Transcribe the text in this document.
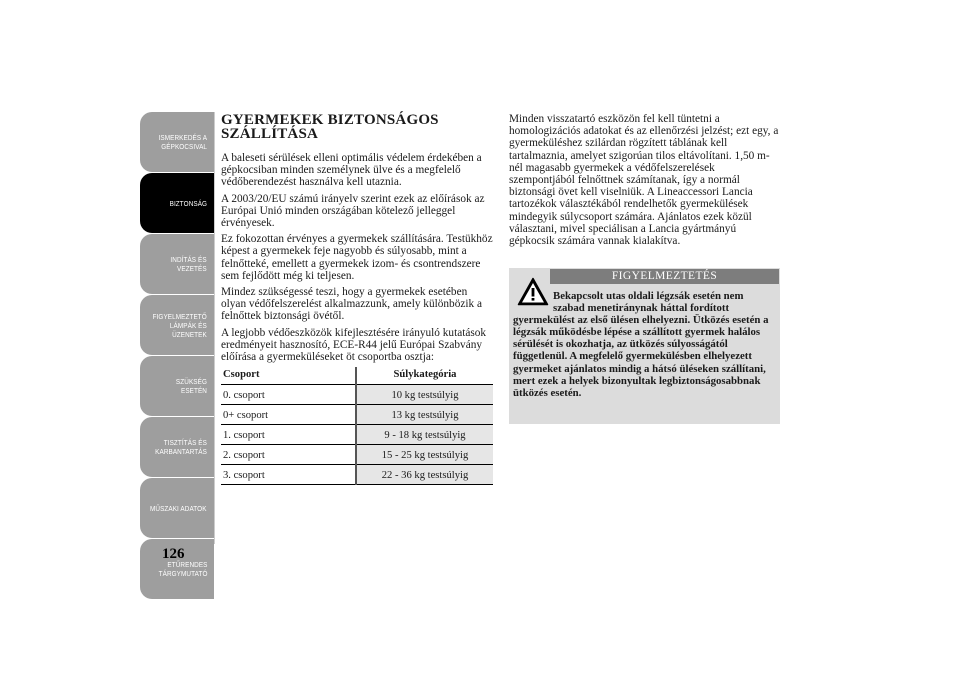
ISMERKEDÉS A
GÉPKOCSIVAL
BIZTONSÁG
INDÍTÁS ÉS
VEZETÉS
FIGYELMEZTETŐ
LÁMPÁK ÉS
ÜZENETEK
SZÜKSÉG ESETÉN
TISZTÍTÁS ÉS
KARBANTARTÁS
MŰSZAKI ADATOK
ETŰRENDES
TÁRGYMUTATÓ
126
GYERMEKEK BIZTONSÁGOS SZÁLLÍTÁSA

A baleseti sérülések elleni optimális védelem érdekében a gépkocsiban minden személynek ülve és a megfelelő védőberendezést használva kell utaznia.

A 2003/20/EU számú irányelv szerint ezek az előírások az Európai Unió minden országában kötelező jelleggel érvényesek.

Ez fokozottan érvényes a gyermekek szállítására. Testükhöz képest a gyermekek feje nagyobb és súlyosabb, mint a felnőtteké, emellett a gyermekek izom- és csontrendszere sem fejlődött még ki teljesen.

Mindez szükségessé teszi, hogy a gyermekek esetében olyan védőfelszerelést alkalmazzunk, amely különbözik a felnőttek biztonsági övétől.

A legjobb védőeszközök kifejlesztésére irányuló kutatások eredményeit hasznosító, ECE-R44 jelű Európai Szabvány előírása a gyermeküléseket öt csoportba osztja:

Csoport	Súlykategória
0. csoport	10 kg testsúlyig
0+ csoport	13 kg testsúlyig
1. csoport	9 - 18 kg testsúlyig
2. csoport	15 - 25 kg testsúlyig
3. csoport	22 - 36 kg testsúlyig

Minden visszatartó eszközön fel kell tüntetni a homologizációs adatokat és az ellenőrzési jelzést; ezt egy, a gyermeküléshez szilárdan rögzített táblának kell tartalmaznia, amelyet szigorúan tilos eltávolítani. 1,50 m-nél magasabb gyermekek a védőfelszerelések szempontjából felnőttnek számítanak, így a normál biztonsági övet kell viselniük. A Lineaccessori Lancia tartozékok választékából rendelhetők gyermekülések mindegyik súlycsoport számára. Ajánlatos ezek közül választani, mivel speciálisan a Lancia gyártmányú gépkocsik számára vannak kialakítva.

FIGYELMEZTETÉS
Bekapcsolt utas oldali légzsák esetén nem szabad menetiránynak háttal fordított
gyermekülést az első ülésen elhelyezni. Ütközés esetén a légzsák működésbe lépése a szállított gyermek halálos sérülését is okozhatja, az ütközés súlyosságától függetlenül. A megfelelő gyermekülésben elhelyezett gyermeket ajánlatos mindig a hátsó üléseken szállítani, mert ezek a helyek bizonyultak legbiztonságosabbnak ütközés esetén.
